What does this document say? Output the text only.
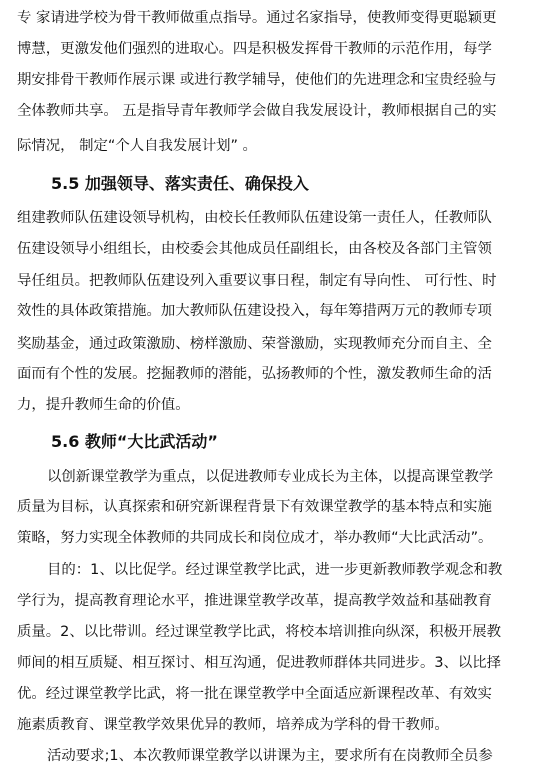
专 家请进学校为骨干教师做重点指导。通过名家指导，使教师变得更聪颖更
博慧，更激发他们强烈的进取心。四是积极发挥骨干教师的示范作用，每学
期安排骨干教师作展示课 或进行教学辅导，使他们的先进理念和宝贵经验与
全体教师共享。 五是指导青年教师学会做自我发展设计，教师根据自己的实
际情况， 制定“个人自我发展计划” 。
5.5 加强领导、落实责任、确保投入
组建教师队伍建设领导机构，由校长任教师队伍建设第一责任人，任教师队
伍建设领导小组组长，由校委会其他成员任副组长，由各校及各部门主管领
导任组员。把教师队伍建设列入重要议事日程，制定有导向性、 可行性、时
效性的具体政策措施。加大教师队伍建设投入，每年筹措两万元的教师专项
奖励基金，通过政策激励、榜样激励、荣誉激励，实现教师充分而自主、全
面而有个性的发展。挖掘教师的潜能，弘扬教师的个性，激发教师生命的活
力，提升教师生命的价值。
5.6 教师“大比武活动”
以创新课堂教学为重点，以促进教师专业成长为主体，以提高课堂教学
质量为目标，认真探索和研究新课程背景下有效课堂教学的基本特点和实施
策略，努力实现全体教师的共同成长和岗位成才，举办教师“大比武活动”。
目的：1、以比促学。经过课堂教学比武，进一步更新教师教学观念和教
学行为，提高教育理论水平，推进课堂教学改革，提高教学效益和基础教育
质量。2、以比带训。经过课堂教学比武，将校本培训推向纵深，积极开展教
师间的相互质疑、相互探讨、相互沟通，促进教师群体共同进步。3、以比择
优。经过课堂教学比武，将一批在课堂教学中全面适应新课程改革、有效实
施素质教育、课堂教学效果优异的教师，培养成为学科的骨干教师。
活动要求;1、本次教师课堂教学以讲课为主，要求所有在岗教师全员参
